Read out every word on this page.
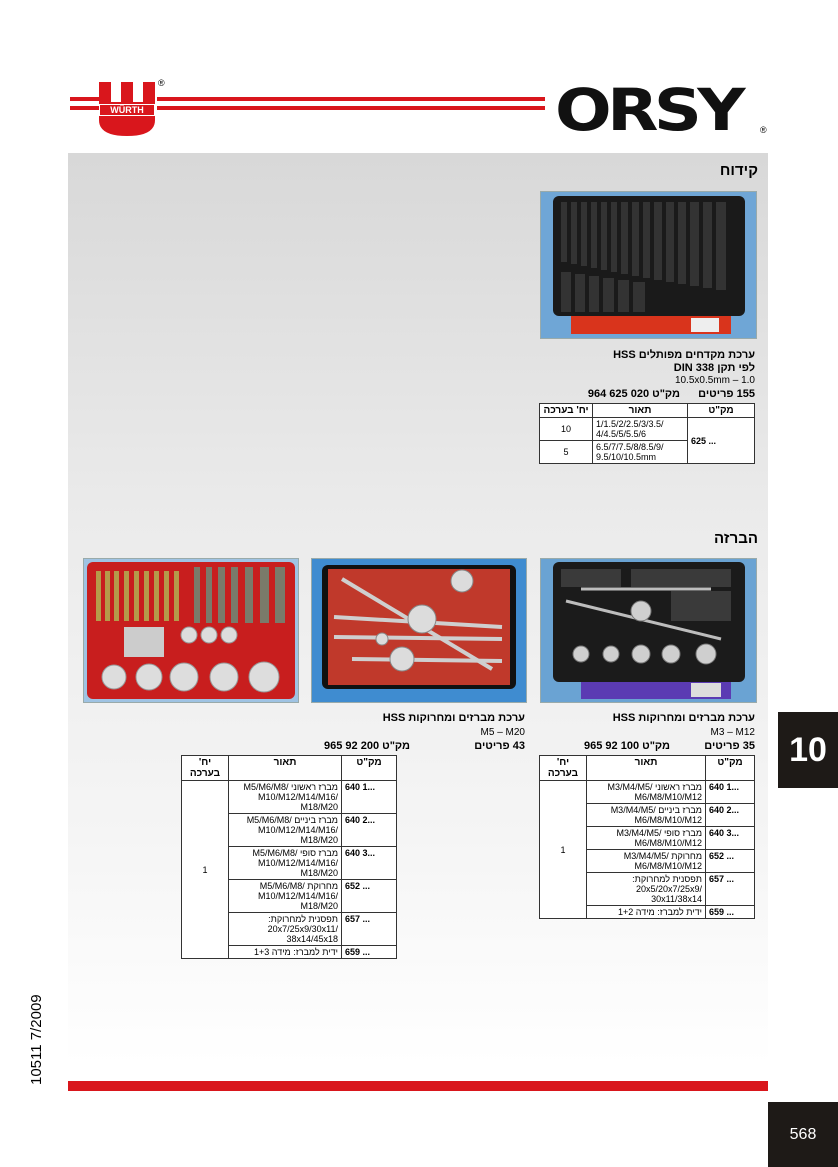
WÜRTH
®	ORSY	®
קידוח
ערכת מקדחים מפותלים HSS
לפי תקן DIN 338
1.0 – 10.5x0.5mm
155 פריטים
מק"ט 020 625 964
מק"ט	תאור	יח' בערכה
625 ...	1/1.5/2/2.5/3/3.5/ 4/4.5/5/5.5/6	10
	6.5/7/7.5/8/8.5/9/ 9.5/10/10.5mm	5
הברזה
ערכת מברזים ומחרוקות HSS
M3 – M12
35 פריטים
מק"ט 100 92 965
מק"ט	תאור	יח' בערכה
640 1...	מברז ראשוני M3/M4/M5/ M6/M8/M10/M12	1
640 2...	מברז ביניים M3/M4/M5/ M6/M8/M10/M12	
640 3...	מברז סופי M3/M4/M5/ M6/M8/M10/M12	
652 ...	מחרוקת M3/M4/M5/ M6/M8/M10/M12	
657 ...	תפסנית למחרוקת: 20x5/20x7/25x9/ 30x11/38x14	
659 ...	ידית למברז: מידה 1+2	
ערכת מברזים ומחרוקות HSS
M5 – M20
43 פריטים
מק"ט 200 92 965
מק"ט	תאור	יח' בערכה
640 1...	מברז ראשוני M5/M6/M8/ M10/M12/M14/M16/ M18/M20	1
640 2...	מברז ביניים M5/M6/M8/ M10/M12/M14/M16/ M18/M20	
640 3...	מברז סופי M5/M6/M8/ M10/M12/M14/M16/ M18/M20	
652 ...	מחרוקת M5/M6/M8/ M10/M12/M14/M16/ M18/M20	
657 ...	תפסנית למחרוקת: 20x7/25x9/30x11/ 38x14/45x18	
659 ...	ידית למברז: מידה 1+3	
10
10511 7/2009
568
